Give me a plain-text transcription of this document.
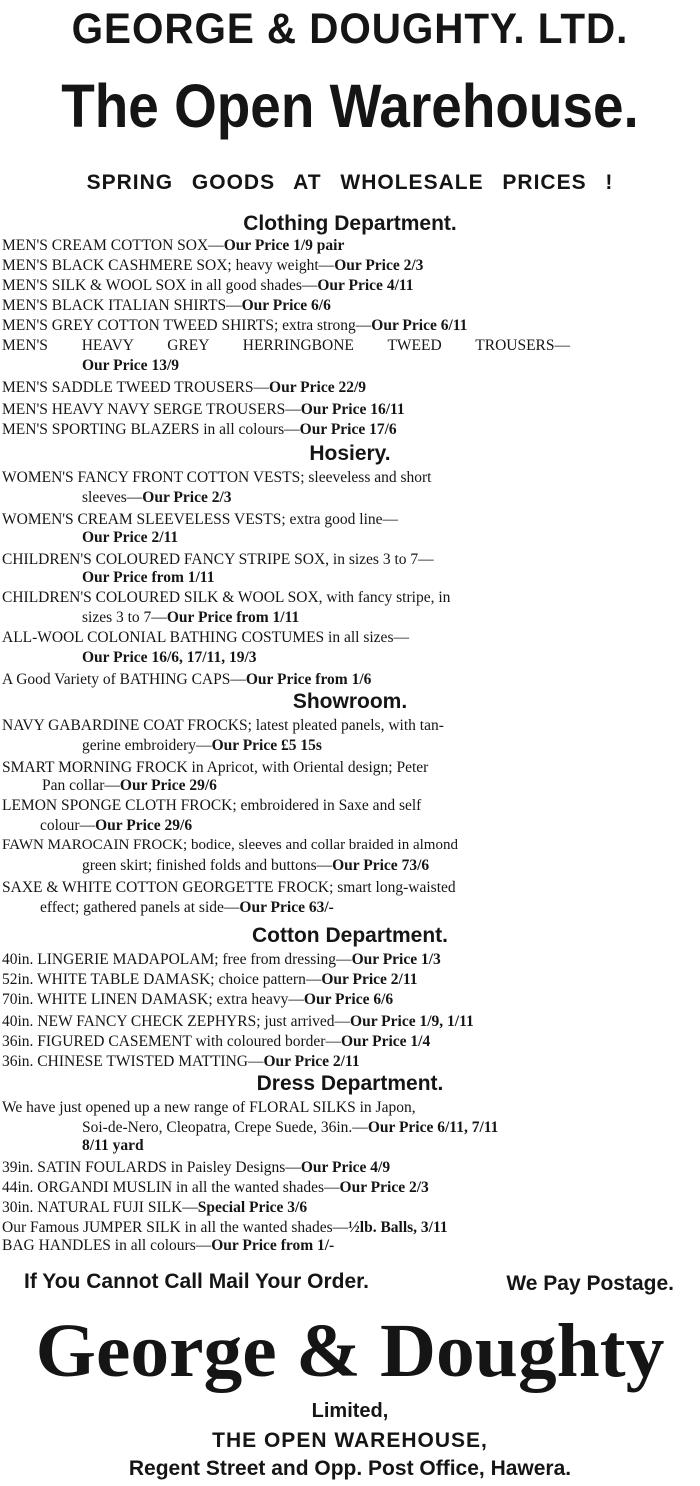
GEORGE & DOUGHTY. LTD.
The Open Warehouse.
SPRING GOODS AT WHOLESALE PRICES !
Clothing Department.
MEN'S CREAM COTTON SOX—Our Price 1/9 pair
MEN'S BLACK CASHMERE SOX; heavy weight—Our Price 2/3
MEN'S SILK & WOOL SOX in all good shades—Our Price 4/11
MEN'S BLACK ITALIAN SHIRTS—Our Price 6/6
MEN'S GREY COTTON TWEED SHIRTS; extra strong—Our Price 6/11
MEN'S HEAVY GREY HERRINGBONE TWEED TROUSERS—
Our Price 13/9
MEN'S SADDLE TWEED TROUSERS—Our Price 22/9
MEN'S HEAVY NAVY SERGE TROUSERS—Our Price 16/11
MEN'S SPORTING BLAZERS in all colours—Our Price 17/6
Hosiery.
WOMEN'S FANCY FRONT COTTON VESTS; sleeveless and short
sleeves—Our Price 2/3
WOMEN'S CREAM SLEEVELESS VESTS; extra good line—
Our Price 2/11
CHILDREN'S COLOURED FANCY STRIPE SOX, in sizes 3 to 7—
Our Price from 1/11
CHILDREN'S COLOURED SILK & WOOL SOX, with fancy stripe, in
sizes 3 to 7—Our Price from 1/11
ALL-WOOL COLONIAL BATHING COSTUMES in all sizes—
Our Price 16/6, 17/11, 19/3
A Good Variety of BATHING CAPS—Our Price from 1/6
Showroom.
NAVY GABARDINE COAT FROCKS; latest pleated panels, with tan-
gerine embroidery—Our Price £5 15s
SMART MORNING FROCK in Apricot, with Oriental design; Peter
Pan collar—Our Price 29/6
LEMON SPONGE CLOTH FROCK; embroidered in Saxe and self
colour—Our Price 29/6
FAWN MAROCAIN FROCK; bodice, sleeves and collar braided in almond
green skirt; finished folds and buttons—Our Price 73/6
SAXE & WHITE COTTON GEORGETTE FROCK; smart long-waisted
effect; gathered panels at side—Our Price 63/-
Cotton Department.
40in. LINGERIE MADAPOLAM; free from dressing—Our Price 1/3
52in. WHITE TABLE DAMASK; choice pattern—Our Price 2/11
70in. WHITE LINEN DAMASK; extra heavy—Our Price 6/6
40in. NEW FANCY CHECK ZEPHYRS; just arrived—Our Price 1/9, 1/11
36in. FIGURED CASEMENT with coloured border—Our Price 1/4
36in. CHINESE TWISTED MATTING—Our Price 2/11
Dress Department.
We have just opened up a new range of FLORAL SILKS in Japon,
Soi-de-Nero, Cleopatra, Crepe Suede, 36in.—Our Price 6/11, 7/11
8/11 yard
39in. SATIN FOULARDS in Paisley Designs—Our Price 4/9
44in. ORGANDI MUSLIN in all the wanted shades—Our Price 2/3
30in. NATURAL FUJI SILK—Special Price 3/6
Our Famous JUMPER SILK in all the wanted shades—½lb. Balls, 3/11
BAG HANDLES in all colours—Our Price from 1/-
If You Cannot Call Mail Your Order.	We Pay Postage.
George & Doughty
Limited,
THE OPEN WAREHOUSE,
Regent Street and Opp. Post Office, Hawera.
